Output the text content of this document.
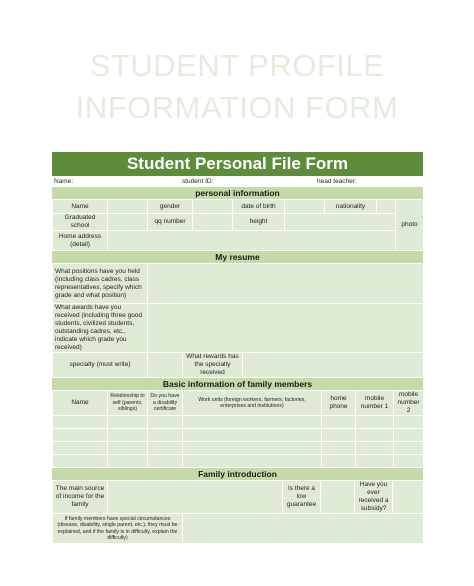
STUDENT PROFILE
INFORMATION FORM
Student Personal File Form
Name:	student ID:	head teacher:
personal information
Name		gender		date of birth		nationality		photo
Graduated school		qq number		height				
Home address (detail)								
My resume
What positions have you held (including class cadres, class representatives, specify which grade and what position)			
What awards have you received (including three good students, civilized students, outstanding cadres, etc., indicate which grade you received)			
specialty (must write)		What rewards has the specialty received	
Basic information of family members
Name	Relationship to self (parents, siblings)	Do you have a disability certificate	Work units (foreign workers, farmers, factories, enterprises and institutions)	home phone	mobile number 1	mobile number 2

Family introduction
The main source of income for the family			Is there a low guarantee		Have you ever received a subsidy?	
If family members have special circumstances (disease, disability, single parent, etc.), they must be explained, and if the family is in difficulty, explain the difficulty)						
